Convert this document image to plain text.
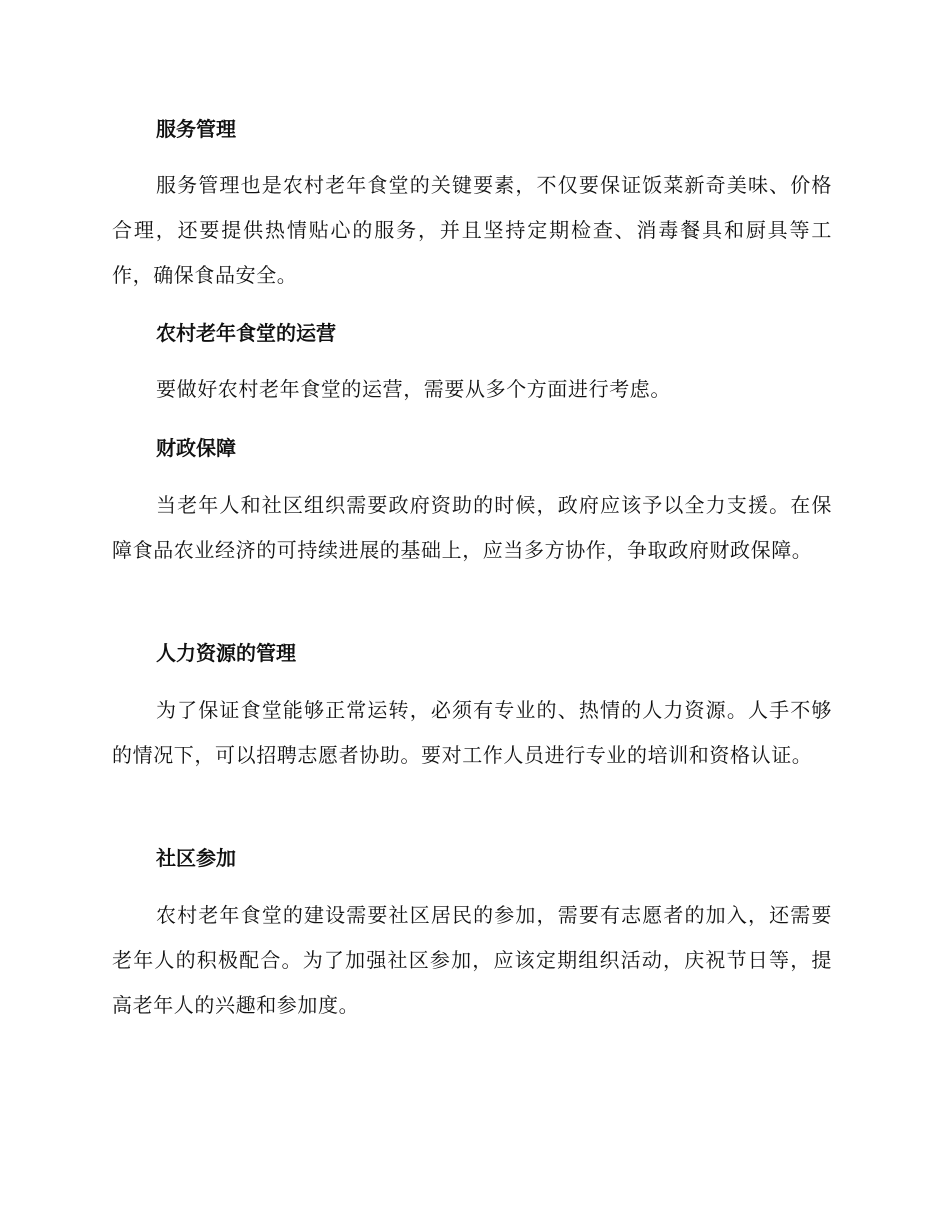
服务管理
服务管理也是农村老年食堂的关键要素，不仅要保证饭菜新奇美味、价格合理，还要提供热情贴心的服务，并且坚持定期检查、消毒餐具和厨具等工作，确保食品安全。
农村老年食堂的运营
要做好农村老年食堂的运营，需要从多个方面进行考虑。
财政保障
当老年人和社区组织需要政府资助的时候，政府应该予以全力支援。在保障食品农业经济的可持续进展的基础上，应当多方协作，争取政府财政保障。
人力资源的管理
为了保证食堂能够正常运转，必须有专业的、热情的人力资源。人手不够的情况下，可以招聘志愿者协助。要对工作人员进行专业的培训和资格认证。
社区参加
农村老年食堂的建设需要社区居民的参加，需要有志愿者的加入，还需要老年人的积极配合。为了加强社区参加，应该定期组织活动，庆祝节日等，提高老年人的兴趣和参加度。
